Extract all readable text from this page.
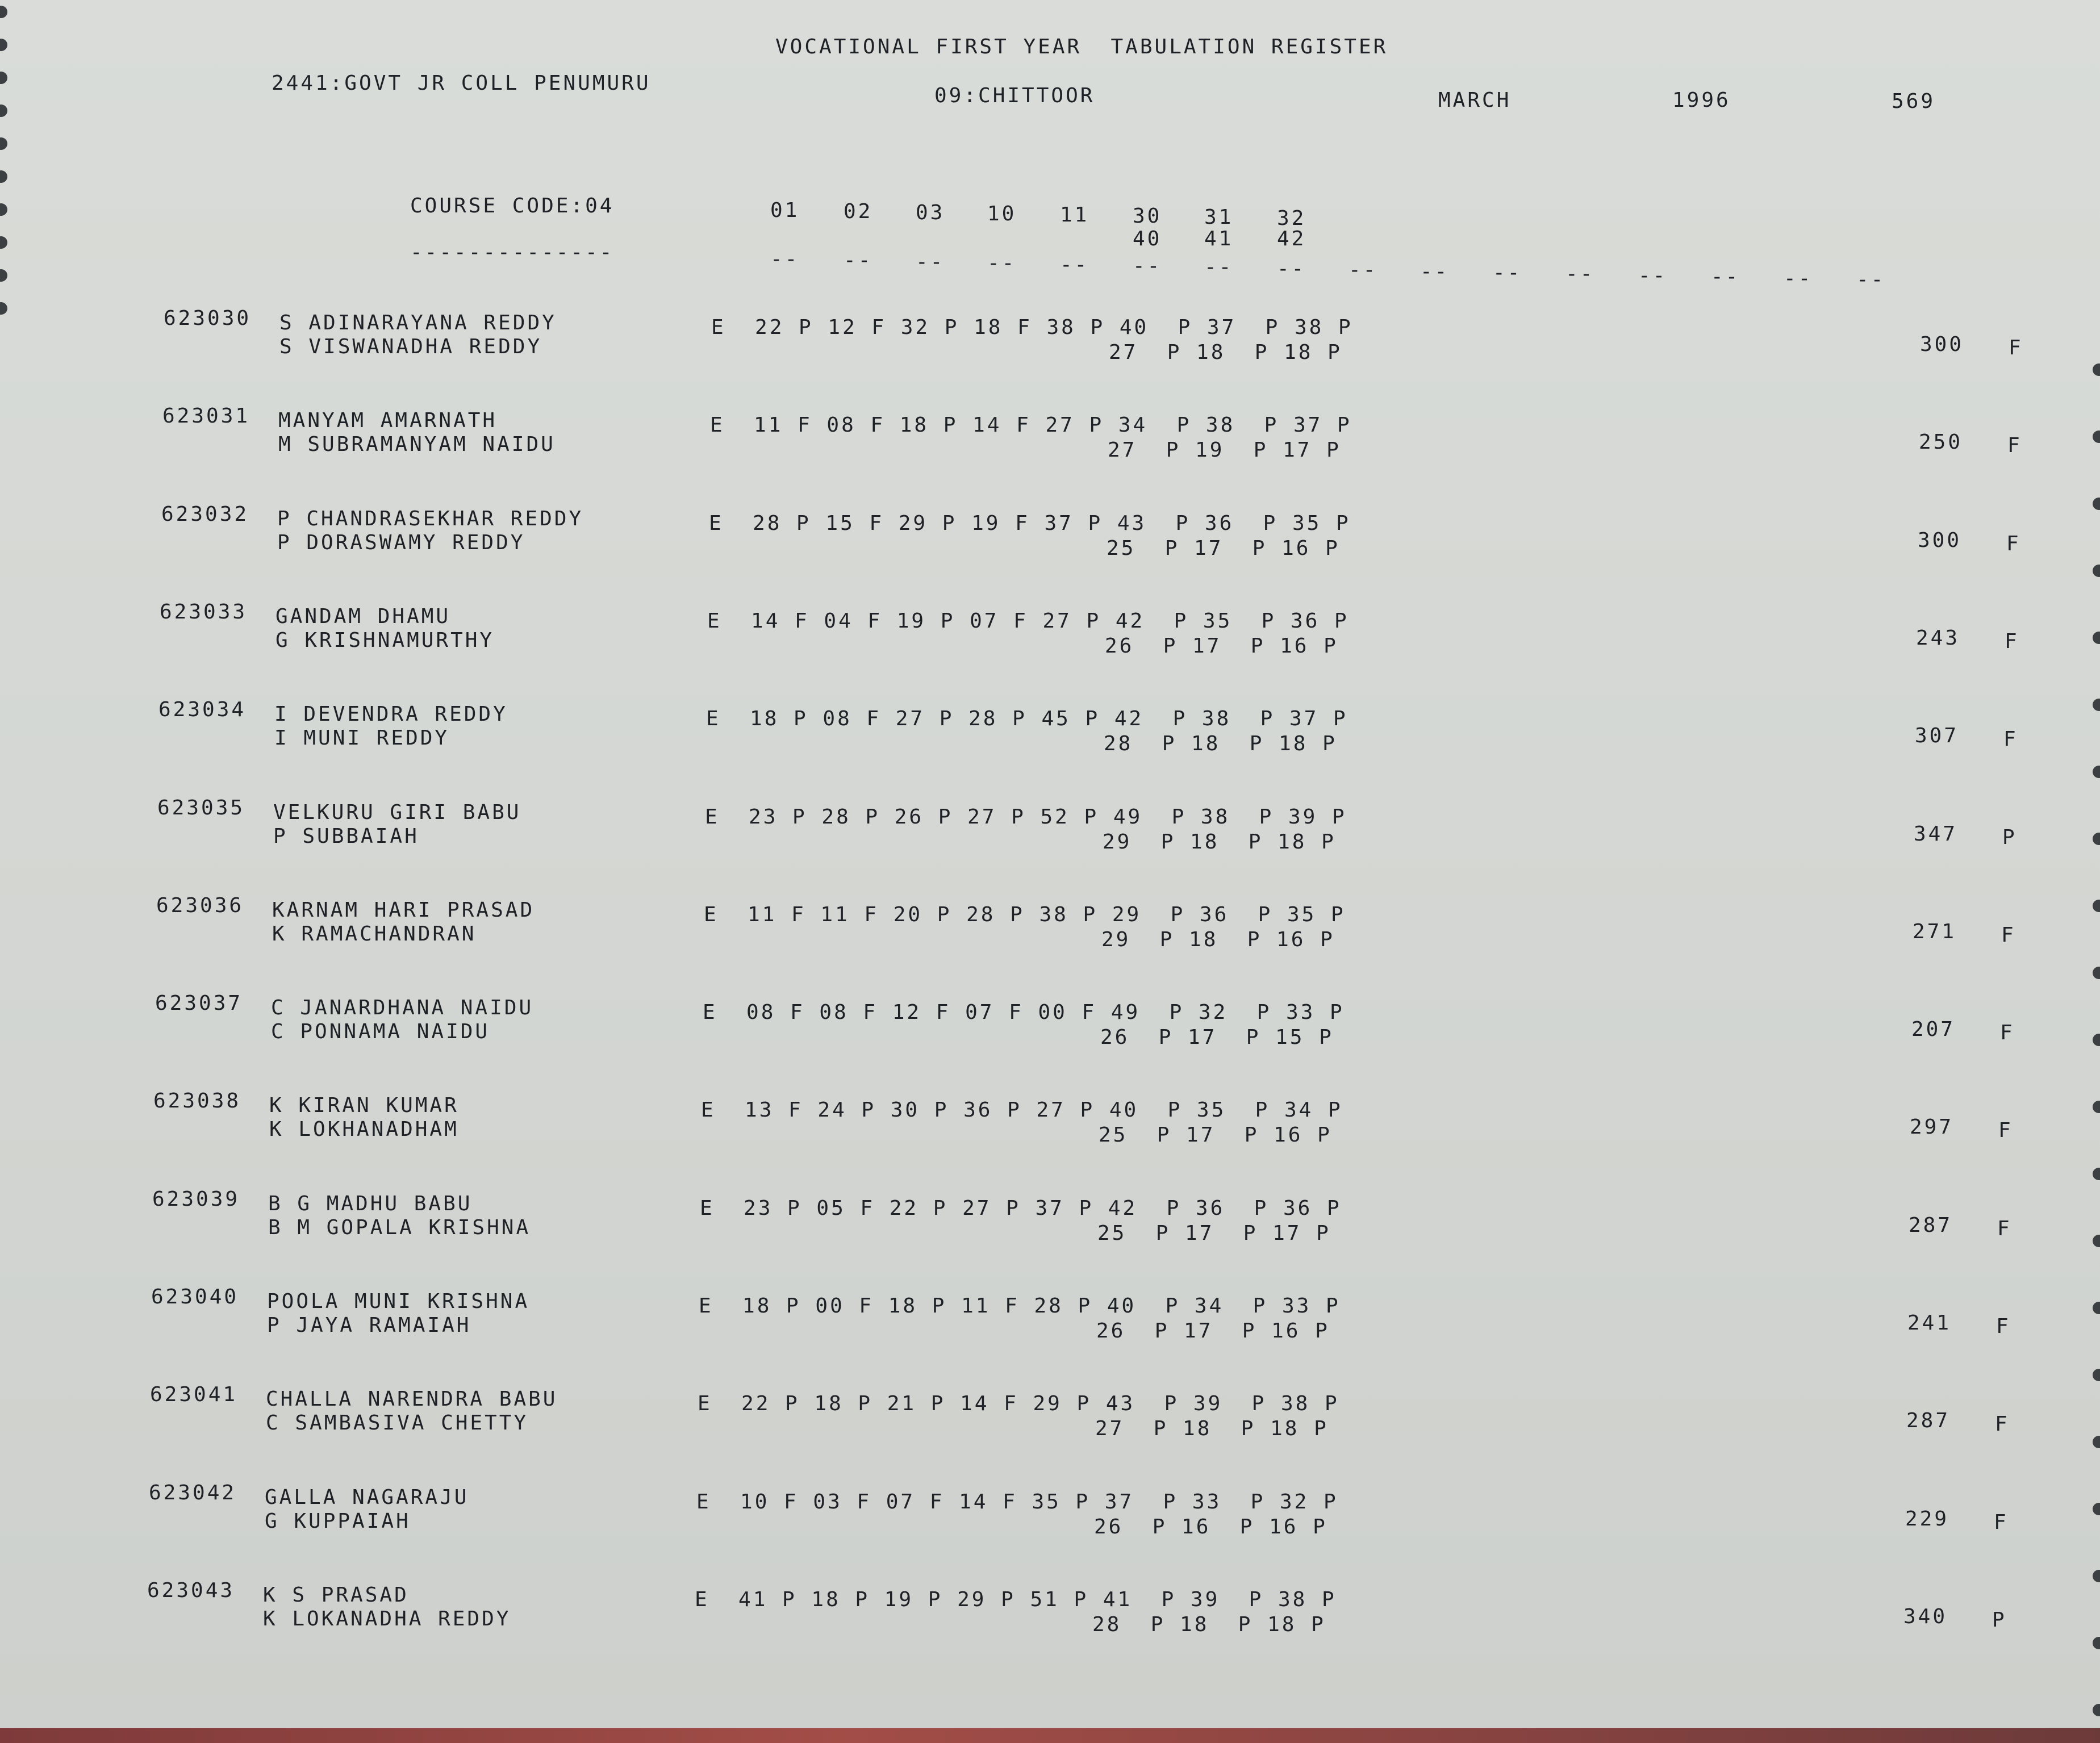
VOCATIONAL FIRST YEAR  TABULATION REGISTER
2441:GOVT JR COLL PENUMURU
09:CHITTOOR	MARCH	1996	569
COURSE CODE:04
--------------
01 02 03 10 11 30 31 32
40 41 42
-- -- -- -- -- -- -- -- -- -- -- -- -- -- -- --
623030 S ADINARAYANA REDDY
S VISWANADHA REDDY
E  22 P 12 F 32 P 18 F 38 P 40  P 37  P 38 P
27  P 18  P 18 P	300 F
623031 MANYAM AMARNATH
M SUBRAMANYAM NAIDU
E  11 F 08 F 18 P 14 F 27 P 34  P 38  P 37 P
27  P 19  P 17 P	250 F
623032 P CHANDRASEKHAR REDDY
P DORASWAMY REDDY
E  28 P 15 F 29 P 19 F 37 P 43  P 36  P 35 P
25  P 17  P 16 P	300 F
623033 GANDAM DHAMU
G KRISHNAMURTHY
E  14 F 04 F 19 P 07 F 27 P 42  P 35  P 36 P
26  P 17  P 16 P	243 F
623034 I DEVENDRA REDDY
I MUNI REDDY
E  18 P 08 F 27 P 28 P 45 P 42  P 38  P 37 P
28  P 18  P 18 P	307 F
623035 VELKURU GIRI BABU
P SUBBAIAH
E  23 P 28 P 26 P 27 P 52 P 49  P 38  P 39 P
29  P 18  P 18 P	347 P
623036 KARNAM HARI PRASAD
K RAMACHANDRAN
E  11 F 11 F 20 P 28 P 38 P 29  P 36  P 35 P
29  P 18  P 16 P	271 F
623037 C JANARDHANA NAIDU
C PONNAMA NAIDU
E  08 F 08 F 12 F 07 F 00 F 49  P 32  P 33 P
26  P 17  P 15 P	207 F
623038 K KIRAN KUMAR
K LOKHANADHAM
E  13 F 24 P 30 P 36 P 27 P 40  P 35  P 34 P
25  P 17  P 16 P	297 F
623039 B G MADHU BABU
B M GOPALA KRISHNA
E  23 P 05 F 22 P 27 P 37 P 42  P 36  P 36 P
25  P 17  P 17 P	287 F
623040 POOLA MUNI KRISHNA
P JAYA RAMAIAH
E  18 P 00 F 18 P 11 F 28 P 40  P 34  P 33 P
26  P 17  P 16 P	241 F
623041 CHALLA NARENDRA BABU
C SAMBASIVA CHETTY
E  22 P 18 P 21 P 14 F 29 P 43  P 39  P 38 P
27  P 18  P 18 P	287 F
623042 GALLA NAGARAJU
G KUPPAIAH
E  10 F 03 F 07 F 14 F 35 P 37  P 33  P 32 P
26  P 16  P 16 P	229 F
623043 K S PRASAD
K LOKANADHA REDDY
E  41 P 18 P 19 P 29 P 51 P 41  P 39  P 38 P
28  P 18  P 18 P	340 P
